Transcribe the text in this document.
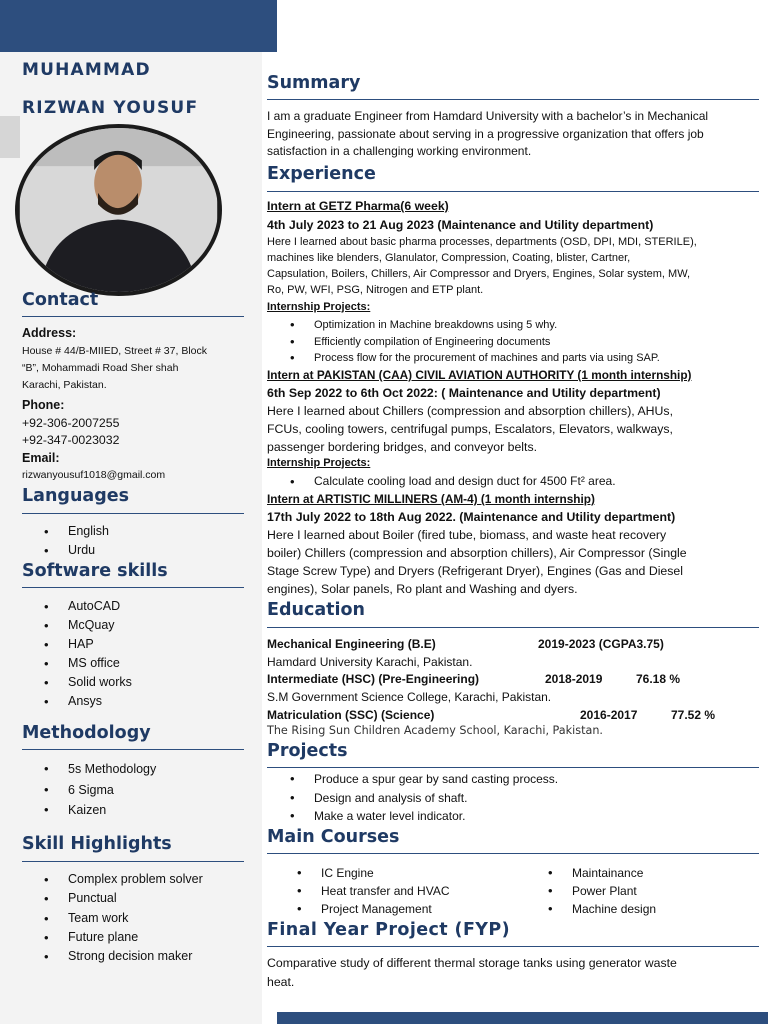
MUHAMMAD
RIZWAN YOUSUF
Contact
Address:
House # 44/B-MIIED, Street # 37, Block
“B”, Mohammadi Road Sher shah
Karachi, Pakistan.
Phone:
+92-306-2007255
+92-347-0023032
Email:
rizwanyousuf1018@gmail.com
Languages
• English
• Urdu
Software skills
• AutoCAD
• McQuay
• HAP
• MS office
• Solid works
• Ansys
Methodology
• 5s Methodology
• 6 Sigma
• Kaizen
Skill Highlights
• Complex problem solver
• Punctual
• Team work
• Future plane
• Strong decision maker
Summary
I am a graduate Engineer from Hamdard University with a bachelor’s in Mechanical Engineering, passionate about serving in a progressive organization that offers job satisfaction in a challenging working environment.
Experience
Intern at GETZ Pharma(6 week)
4th July 2023 to 21 Aug 2023 (Maintenance and Utility department)
Here I learned about basic pharma processes, departments (OSD, DPI, MDI, STERILE),
machines like blenders, Glanulator, Compression, Coating, blister, Cartner,
Capsulation, Boilers, Chillers, Air Compressor and Dryers, Engines, Solar system, MW,
Ro, PW, WFI, PSG, Nitrogen and ETP plant.
Internship Projects:
• Optimization in Machine breakdowns using 5 why.
• Efficiently compilation of Engineering documents
• Process flow for the procurement of machines and parts via using SAP.
Intern at PAKISTAN (CAA) CIVIL AVIATION AUTHORITY (1 month internship)
6th Sep 2022 to 6th Oct 2022: ( Maintenance and Utility department)
Here I learned about Chillers (compression and absorption chillers), AHUs,
FCUs, cooling towers, centrifugal pumps, Escalators, Elevators, walkways,
passenger bordering bridges, and conveyor belts.
Internship Projects:
• Calculate cooling load and design duct for 4500 Ft² area.
Intern at ARTISTIC MILLINERS (AM-4) (1 month internship)
17th July 2022 to 18th Aug 2022. (Maintenance and Utility department)
Here I learned about Boiler (fired tube, biomass, and waste heat recovery
boiler) Chillers (compression and absorption chillers), Air Compressor (Single
Stage Screw Type) and Dryers (Refrigerant Dryer), Engines (Gas and Diesel
engines), Solar panels, Ro plant and Washing and dyers.
Education
Mechanical Engineering (B.E)	2019-2023 (CGPA3.75)
Hamdard University Karachi, Pakistan.
Intermediate (HSC) (Pre-Engineering)	2018-2019	76.18 %
S.M Government Science College, Karachi, Pakistan.
Matriculation (SSC) (Science)	2016-2017	77.52 %
The Rising Sun Children Academy School, Karachi, Pakistan.
Projects
• Produce a spur gear by sand casting process.
• Design and analysis of shaft.
• Make a water level indicator.
Main Courses
• IC Engine
• Heat transfer and HVAC
• Project Management
• Maintainance
• Power Plant
• Machine design
Final Year Project (FYP)
Comparative study of different thermal storage tanks using generator waste
heat.
